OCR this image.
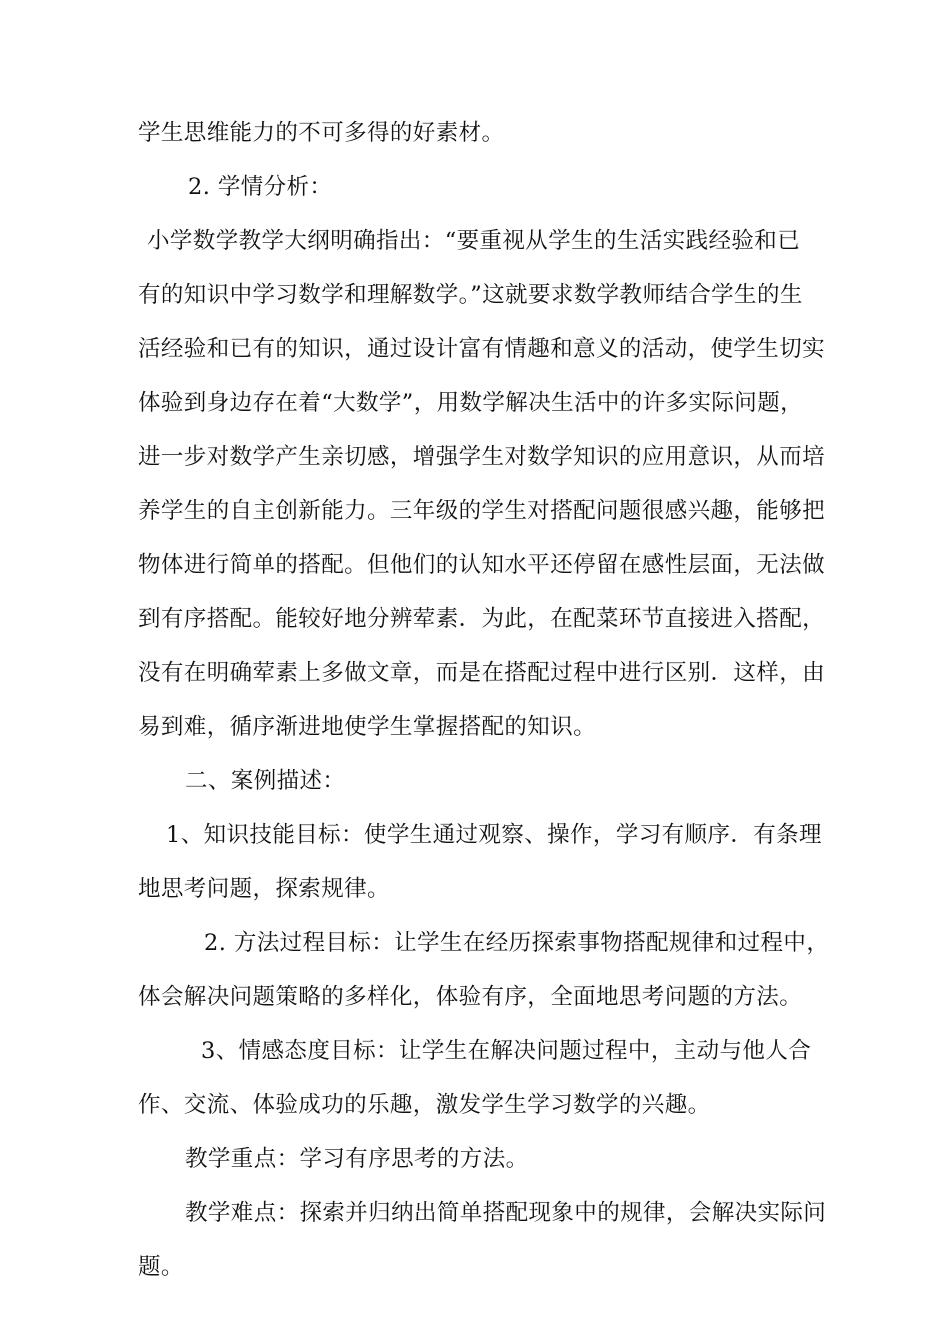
学生思维能力的不可多得的好素材。
2. 学情分析：
小学数学教学大纲明确指出：“要重视从学生的生活实践经验和已
有的知识中学习数学和理解数学。”这就要求数学教师结合学生的生
活经验和已有的知识，通过设计富有情趣和意义的活动，使学生切实
体验到身边存在着“大数学”，用数学解决生活中的许多实际问题，
进一步对数学产生亲切感，增强学生对数学知识的应用意识，从而培
养学生的自主创新能力。三年级的学生对搭配问题很感兴趣，能够把
物体进行简单的搭配。但他们的认知水平还停留在感性层面，无法做
到有序搭配。能较好地分辨荤素．为此，在配菜环节直接进入搭配，
没有在明确荤素上多做文章，而是在搭配过程中进行区别．这样，由
易到难，循序渐进地使学生掌握搭配的知识。
二、案例描述：
1、知识技能目标：使学生通过观察、操作，学习有顺序．有条理
地思考问题，探索规律。
2. 方法过程目标：让学生在经历探索事物搭配规律和过程中，
体会解决问题策略的多样化，体验有序，全面地思考问题的方法。
3、情感态度目标：让学生在解决问题过程中，主动与他人合
作、交流、体验成功的乐趣，激发学生学习数学的兴趣。
教学重点：学习有序思考的方法。
教学难点：探索并归纳出简单搭配现象中的规律，会解决实际问
题。
